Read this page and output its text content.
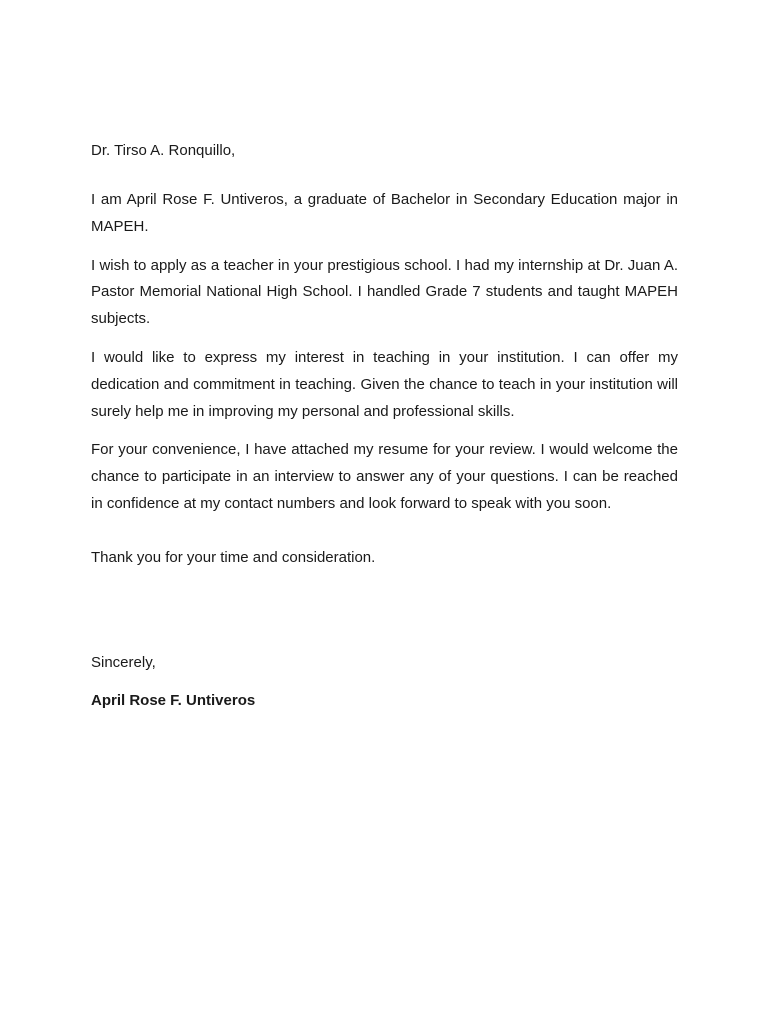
Dr. Tirso A. Ronquillo,

I am April Rose F. Untiveros, a graduate of Bachelor in Secondary Education major in MAPEH.

I wish to apply as a teacher in your prestigious school. I had my internship at Dr. Juan A. Pastor Memorial National High School. I handled Grade 7 students and taught MAPEH subjects.

I would like to express my interest in teaching in your institution. I can offer my dedication and commitment in teaching. Given the chance to teach in your institution will surely help me in improving my personal and professional skills.

For your convenience, I have attached my resume for your review. I would welcome the chance to participate in an interview to answer any of your questions. I can be reached in confidence at my contact numbers and look forward to speak with you soon.

Thank you for your time and consideration.

Sincerely,

April Rose F. Untiveros
